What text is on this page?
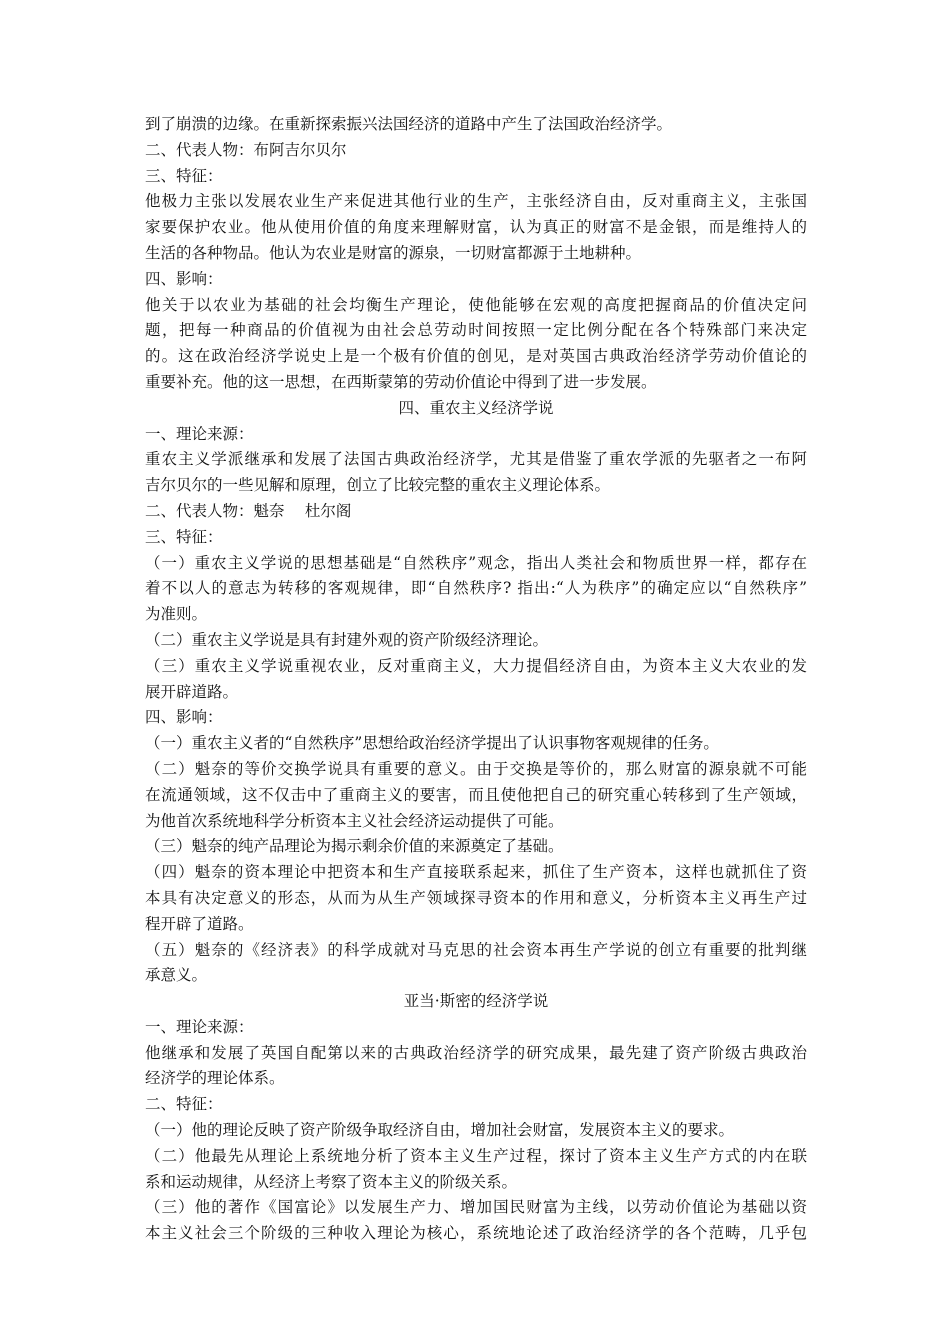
到了崩溃的边缘。在重新探索振兴法国经济的道路中产生了法国政治经济学。
二、代表人物：布阿吉尔贝尔
三、特征：
他极力主张以发展农业生产来促进其他行业的生产，主张经济自由，反对重商主义，主张国
家要保护农业。他从使用价值的角度来理解财富，认为真正的财富不是金银，而是维持人的
生活的各种物品。他认为农业是财富的源泉，一切财富都源于土地耕种。
四、影响：
他关于以农业为基础的社会均衡生产理论，使他能够在宏观的高度把握商品的价值决定问
题，把每一种商品的价值视为由社会总劳动时间按照一定比例分配在各个特殊部门来决定
的。这在政治经济学说史上是一个极有价值的创见，是对英国古典政治经济学劳动价值论的
重要补充。他的这一思想，在西斯蒙第的劳动价值论中得到了进一步发展。
四、重农主义经济学说
一、理论来源：
重农主义学派继承和发展了法国古典政治经济学，尤其是借鉴了重农学派的先驱者之一布阿
吉尔贝尔的一些见解和原理，创立了比较完整的重农主义理论体系。
二、代表人物：魁奈　 杜尔阁
三、特征：
（一）重农主义学说的思想基础是“自然秩序”观念，指出人类社会和物质世界一样，都存在
着不以人的意志为转移的客观规律，即“自然秩序? 指出:“人为秩序”的确定应以“自然秩序”
为准则。
（二）重农主义学说是具有封建外观的资产阶级经济理论。
（三）重农主义学说重视农业，反对重商主义，大力提倡经济自由，为资本主义大农业的发
展开辟道路。
四、影响：
（一）重农主义者的“自然秩序”思想给政治经济学提出了认识事物客观规律的任务。
（二）魁奈的等价交换学说具有重要的意义。由于交换是等价的，那么财富的源泉就不可能
在流通领域，这不仅击中了重商主义的要害，而且使他把自己的研究重心转移到了生产领域，
为他首次系统地科学分析资本主义社会经济运动提供了可能。
（三）魁奈的纯产品理论为揭示剩余价值的来源奠定了基础。
（四）魁奈的资本理论中把资本和生产直接联系起来，抓住了生产资本，这样也就抓住了资
本具有决定意义的形态，从而为从生产领域探寻资本的作用和意义，分析资本主义再生产过
程开辟了道路。
（五）魁奈的《经济表》的科学成就对马克思的社会资本再生产学说的创立有重要的批判继
承意义。
亚当·斯密的经济学说
一、理论来源：
他继承和发展了英国自配第以来的古典政治经济学的研究成果，最先建了资产阶级古典政治
经济学的理论体系。
二、特征：
（一）他的理论反映了资产阶级争取经济自由，增加社会财富，发展资本主义的要求。
（二）他最先从理论上系统地分析了资本主义生产过程，探讨了资本主义生产方式的内在联
系和运动规律，从经济上考察了资本主义的阶级关系。
（三）他的著作《国富论》以发展生产力、增加国民财富为主线，以劳动价值论为基础以资
本主义社会三个阶级的三种收入理论为核心，系统地论述了政治经济学的各个范畴，几乎包
